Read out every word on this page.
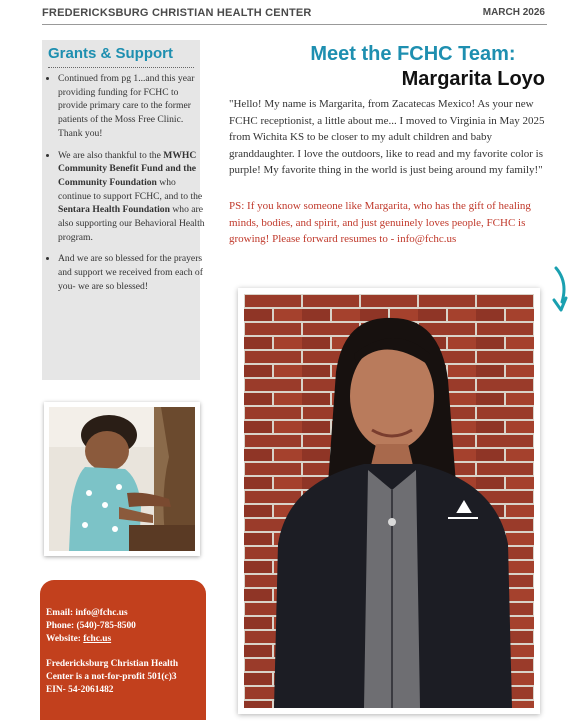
FREDERICKSBURG CHRISTIAN HEALTH CENTER	MARCH 2026
Grants & Support
• Continued from pg 1...and this year providing funding for FCHC to provide primary care to the former patients of the Moss Free Clinic. Thank you!
• We are also thankful to the MWHC Community Benefit Fund and the Community Foundation who continue to support FCHC, and to the Sentara Health Foundation who are also supporting our Behavioral Health program.
• And we are so blessed for the prayers and support we received from each of you- we are so blessed!
Email: info@fchc.us
Phone: (540)-785-8500
Website: fchc.us
Fredericksburg Christian Health Center is a not-for-profit 501(c)3
EIN- 54-2061482
Meet the FCHC Team:
Margarita Loyo
"Hello! My name is Margarita, from Zacatecas Mexico! As your new FCHC receptionist, a little about me... I moved to Virginia in May 2025 from Wichita KS to be closer to my adult children and baby granddaughter. I love the outdoors, like to read and my favorite color is purple! My favorite thing in the world is just being around my family!"
PS: If you know someone like Margarita, who has the gift of healing minds, bodies, and spirit, and just genuinely loves people, FCHC is growing! Please forward resumes to - info@fchc.us
